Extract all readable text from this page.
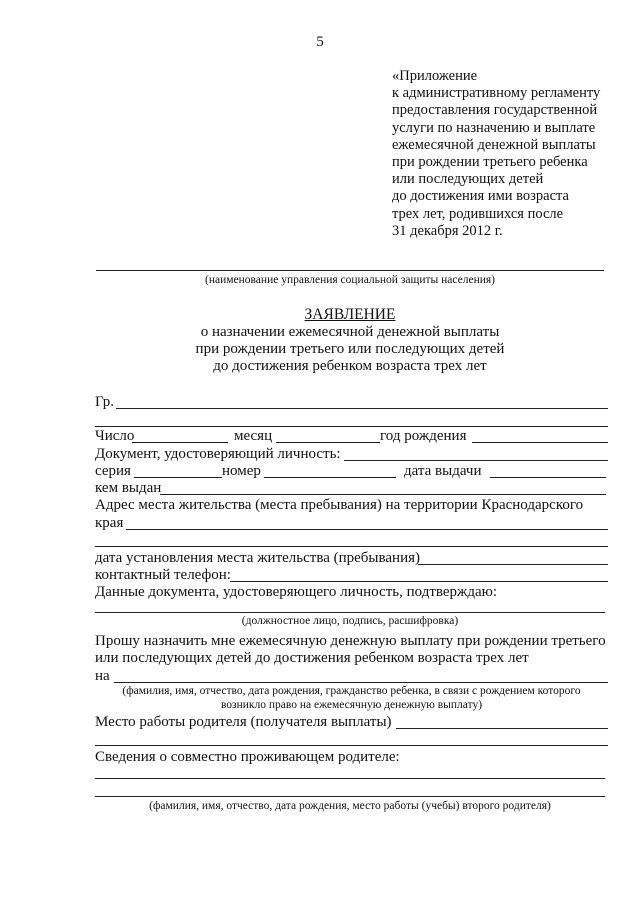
5
«Приложение
к административному регламенту
предоставления государственной
услуги по назначению и выплате
ежемесячной денежной выплаты
при рождении третьего ребенка
или последующих детей
до достижения ими возраста
трех лет, родившихся после
31 декабря 2012 г.
(наименование управления социальной защиты населения)
ЗАЯВЛЕНИЕ
о назначении ежемесячной денежной выплаты
при рождении третьего или последующих детей
до достижения ребенком возраста трех лет
Гр.
Число	месяц	год рождения
Документ, удостоверяющий личность:
серия	номер	дата выдачи
кем выдан
Адрес места жительства (места пребывания) на территории Краснодарского
края
дата установления места жительства (пребывания)
контактный телефон:
Данные документа, удостоверяющего личность, подтверждаю:
(должностное лицо, подпись, расшифровка)
Прошу назначить мне ежемесячную денежную выплату при рождении третьего
или последующих детей до достижения ребенком возраста трех лет
на
(фамилия, имя, отчество, дата рождения, гражданство ребенка, в связи с рождением которого
возникло право на ежемесячную денежную выплату)
Место работы родителя (получателя выплаты)
Сведения о совместно проживающем родителе:
(фамилия, имя, отчество, дата рождения, место работы (учебы) второго родителя)
